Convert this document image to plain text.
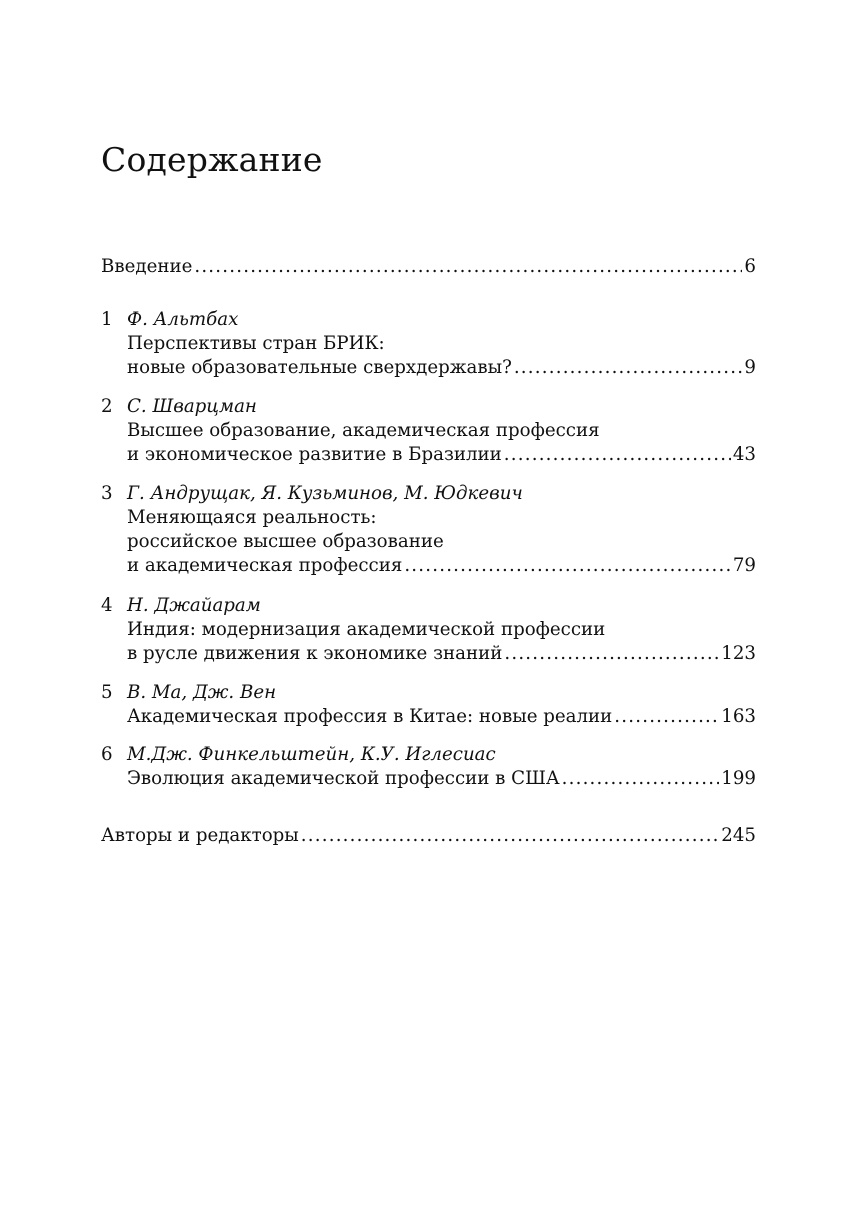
Содержание
Введение .....	6
1 Ф. Альтбах
Перспективы стран БРИК:
новые образовательные сверхдержавы? .....	9
2 С. Шварцман
Высшее образование, академическая профессия
и экономическое развитие в Бразилии .....	43
3 Г. Андрущак, Я. Кузьминов, М. Юдкевич
Меняющаяся реальность:
российское высшее образование
и академическая профессия .....	79
4 Н. Джайарам
Индия: модернизация академической профессии
в русле движения к экономике знаний .....	123
5 В. Ма, Дж. Вен
Академическая профессия в Китае: новые реалии .....	163
6 М.Дж. Финкельштейн, К.У. Иглесиас
Эволюция академической профессии в США .....	199
Авторы и редакторы .....	245
